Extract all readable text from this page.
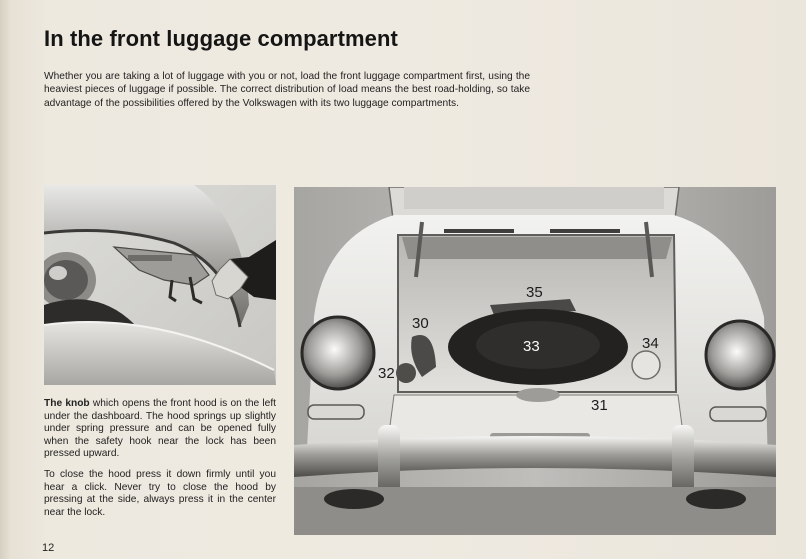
In the front luggage compartment

Whether you are taking a lot of luggage with you or not, load the front luggage compartment first, using the heaviest pieces of luggage if possible. The correct distribution of load means the best road-holding, so take advantage of the possibilities offered by the Volkswagen with its two luggage compartments.

35
30
33	34
32
31

The knob which opens the front hood is on the left under the dashboard. The hood springs up slightly under spring pressure and can be opened fully when the safety hook near the lock has been pressed upward.

To close the hood press it down firmly until you hear a click. Never try to close the hood by pressing at the side, always press it in the center near the lock.

12
